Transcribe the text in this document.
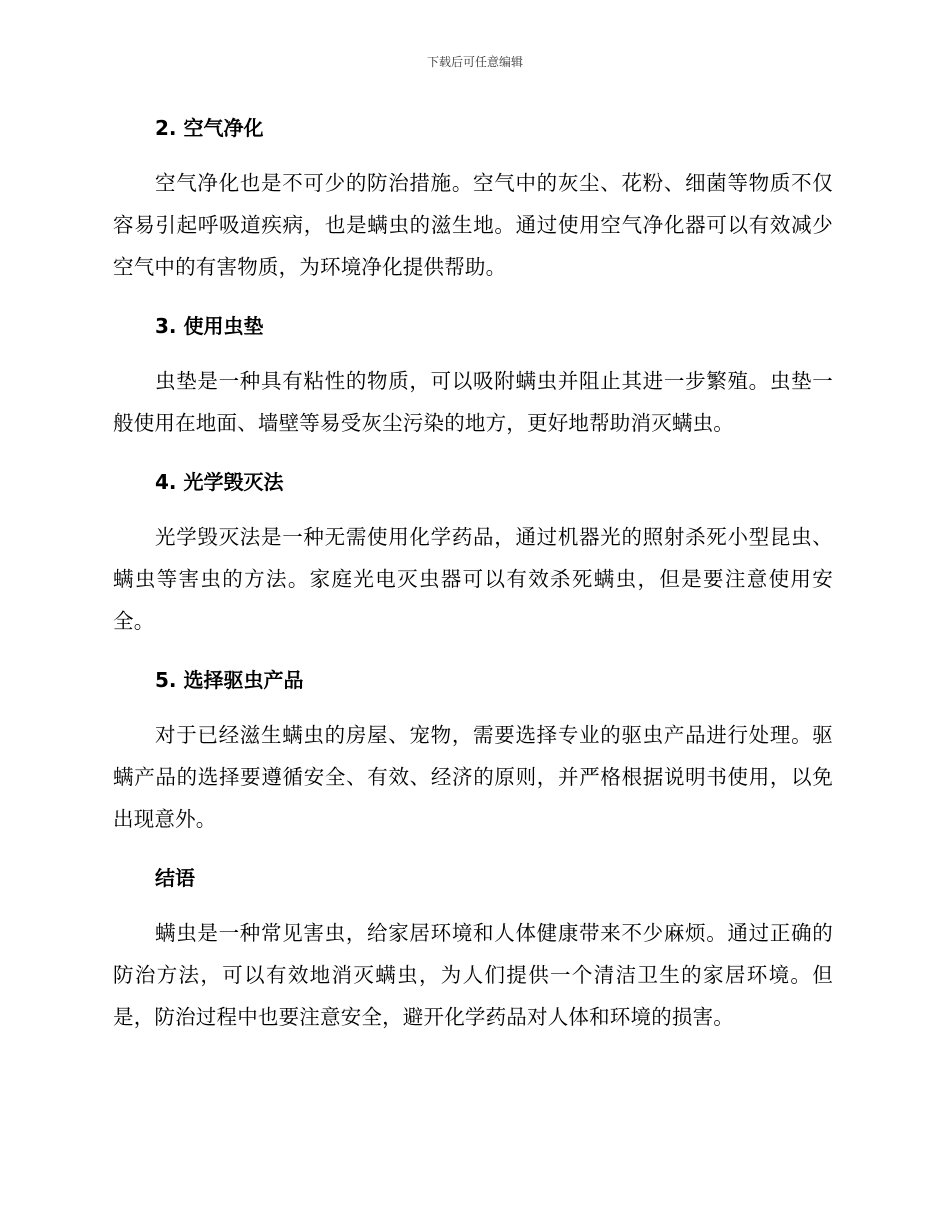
下载后可任意编辑
2. 空气净化

空气净化也是不可少的防治措施。空气中的灰尘、花粉、细菌等物质不仅容易引起呼吸道疾病，也是螨虫的滋生地。通过使用空气净化器可以有效减少空气中的有害物质，为环境净化提供帮助。

3. 使用虫垫

虫垫是一种具有粘性的物质，可以吸附螨虫并阻止其进一步繁殖。虫垫一般使用在地面、墙壁等易受灰尘污染的地方，更好地帮助消灭螨虫。

4. 光学毁灭法

光学毁灭法是一种无需使用化学药品，通过机器光的照射杀死小型昆虫、螨虫等害虫的方法。家庭光电灭虫器可以有效杀死螨虫，但是要注意使用安全。

5. 选择驱虫产品

对于已经滋生螨虫的房屋、宠物，需要选择专业的驱虫产品进行处理。驱螨产品的选择要遵循安全、有效、经济的原则，并严格根据说明书使用，以免出现意外。

结语

螨虫是一种常见害虫，给家居环境和人体健康带来不少麻烦。通过正确的防治方法，可以有效地消灭螨虫，为人们提供一个清洁卫生的家居环境。但是，防治过程中也要注意安全，避开化学药品对人体和环境的损害。
